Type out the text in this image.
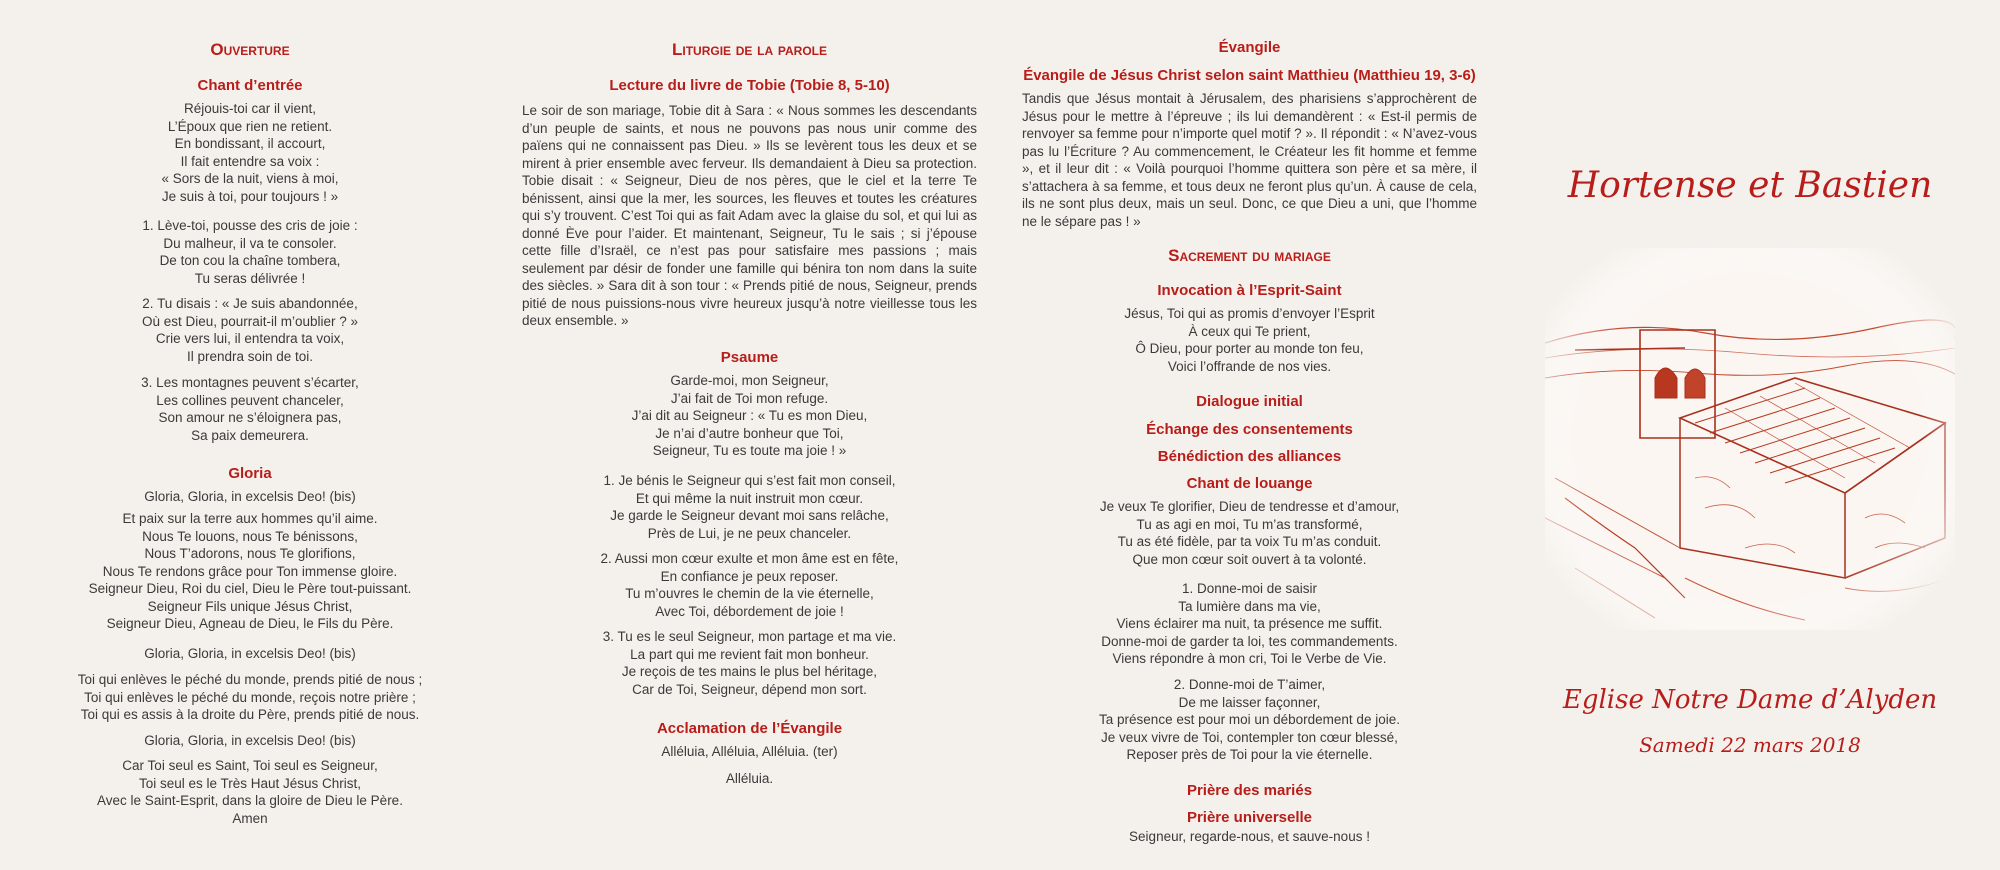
Ouverture
Chant d’entrée

Réjouis-toi car il vient,
L’Époux que rien ne retient.
En bondissant, il accourt,
Il fait entendre sa voix :
« Sors de la nuit, viens à moi,
Je suis à toi, pour toujours ! »

1. Lève-toi, pousse des cris de joie :
Du malheur, il va te consoler.
De ton cou la chaîne tombera,
Tu seras délivrée !

2. Tu disais : « Je suis abandonnée,
Où est Dieu, pourrait-il m’oublier ? »
Crie vers lui, il entendra ta voix,
Il prendra soin de toi.

3. Les montagnes peuvent s’écarter,
Les collines peuvent chanceler,
Son amour ne s’éloignera pas,
Sa paix demeurera.

Gloria

Gloria, Gloria, in excelsis Deo! (bis)

Et paix sur la terre aux hommes qu’il aime.
Nous Te louons, nous Te bénissons,
Nous T’adorons, nous Te glorifions,
Nous Te rendons grâce pour Ton immense gloire.
Seigneur Dieu, Roi du ciel, Dieu le Père tout-puissant.
Seigneur Fils unique Jésus Christ,
Seigneur Dieu, Agneau de Dieu, le Fils du Père.

Gloria, Gloria, in excelsis Deo! (bis)

Toi qui enlèves le péché du monde, prends pitié de nous ;
Toi qui enlèves le péché du monde, reçois notre prière ;
Toi qui es assis à la droite du Père, prends pitié de nous.

Gloria, Gloria, in excelsis Deo! (bis)

Car Toi seul es Saint, Toi seul es Seigneur,
Toi seul es le Très Haut Jésus Christ,
Avec le Saint-Esprit, dans la gloire de Dieu le Père.
Amen

Liturgie de la parole
Lecture du livre de Tobie (Tobie 8, 5-10)

Le soir de son mariage, Tobie dit à Sara : « Nous sommes les descendants d’un peuple de saints, et nous ne pouvons pas nous unir comme des païens qui ne connaissent pas Dieu. » Ils se levèrent tous les deux et se mirent à prier ensemble avec ferveur. Ils demandaient à Dieu sa protection. Tobie disait : « Seigneur, Dieu de nos pères, que le ciel et la terre Te bénissent, ainsi que la mer, les sources, les fleuves et toutes les créatures qui s’y trouvent. C’est Toi qui as fait Adam avec la glaise du sol, et qui lui as donné Ève pour l’aider. Et maintenant, Seigneur, Tu le sais ; si j’épouse cette fille d’Israël, ce n’est pas pour satisfaire mes passions ; mais seulement par désir de fonder une famille qui bénira ton nom dans la suite des siècles. » Sara dit à son tour : « Prends pitié de nous, Seigneur, prends pitié de nous puissions-nous vivre heureux jusqu’à notre vieillesse tous les deux ensemble. »

Psaume

Garde-moi, mon Seigneur,
J’ai fait de Toi mon refuge.
J’ai dit au Seigneur : « Tu es mon Dieu,
Je n’ai d’autre bonheur que Toi,
Seigneur, Tu es toute ma joie ! »

1. Je bénis le Seigneur qui s’est fait mon conseil,
Et qui même la nuit instruit mon cœur.
Je garde le Seigneur devant moi sans relâche,
Près de Lui, je ne peux chanceler.

2. Aussi mon cœur exulte et mon âme est en fête,
En confiance je peux reposer.
Tu m’ouvres le chemin de la vie éternelle,
Avec Toi, débordement de joie !

3. Tu es le seul Seigneur, mon partage et ma vie.
La part qui me revient fait mon bonheur.
Je reçois de tes mains le plus bel héritage,
Car de Toi, Seigneur, dépend mon sort.

Acclamation de l’Évangile

Alléluia, Alléluia, Alléluia. (ter)

Alléluia.

Évangile
Évangile de Jésus Christ selon saint Matthieu (Matthieu 19, 3-6)

Tandis que Jésus montait à Jérusalem, des pharisiens s’approchèrent de Jésus pour le mettre à l’épreuve ; ils lui demandèrent : « Est-il permis de renvoyer sa femme pour n’importe quel motif ? ». Il répondit : « N’avez-vous pas lu l’Écriture ? Au commencement, le Créateur les fit homme et femme », et il leur dit : « Voilà pourquoi l’homme quittera son père et sa mère, il s’attachera à sa femme, et tous deux ne feront plus qu’un. À cause de cela, ils ne sont plus deux, mais un seul. Donc, ce que Dieu a uni, que l’homme ne le sépare pas ! »

Sacrement du mariage
Invocation à l’Esprit-Saint

Jésus, Toi qui as promis d’envoyer l’Esprit
À ceux qui Te prient,
Ô Dieu, pour porter au monde ton feu,
Voici l’offrande de nos vies.

Dialogue initial
Échange des consentements
Bénédiction des alliances
Chant de louange

Je veux Te glorifier, Dieu de tendresse et d’amour,
Tu as agi en moi, Tu m’as transformé,
Tu as été fidèle, par ta voix Tu m’as conduit.
Que mon cœur soit ouvert à ta volonté.

1. Donne-moi de saisir
Ta lumière dans ma vie,
Viens éclairer ma nuit, ta présence me suffit.
Donne-moi de garder ta loi, tes commandements.
Viens répondre à mon cri, Toi le Verbe de Vie.

2. Donne-moi de T’aimer,
De me laisser façonner,
Ta présence est pour moi un débordement de joie.
Je veux vivre de Toi, contempler ton cœur blessé,
Reposer près de Toi pour la vie éternelle.

Prière des mariés
Prière universelle

Seigneur, regarde-nous, et sauve-nous !

Hortense et Bastien
Eglise Notre Dame d’Alyden
Samedi 22 mars 2018
